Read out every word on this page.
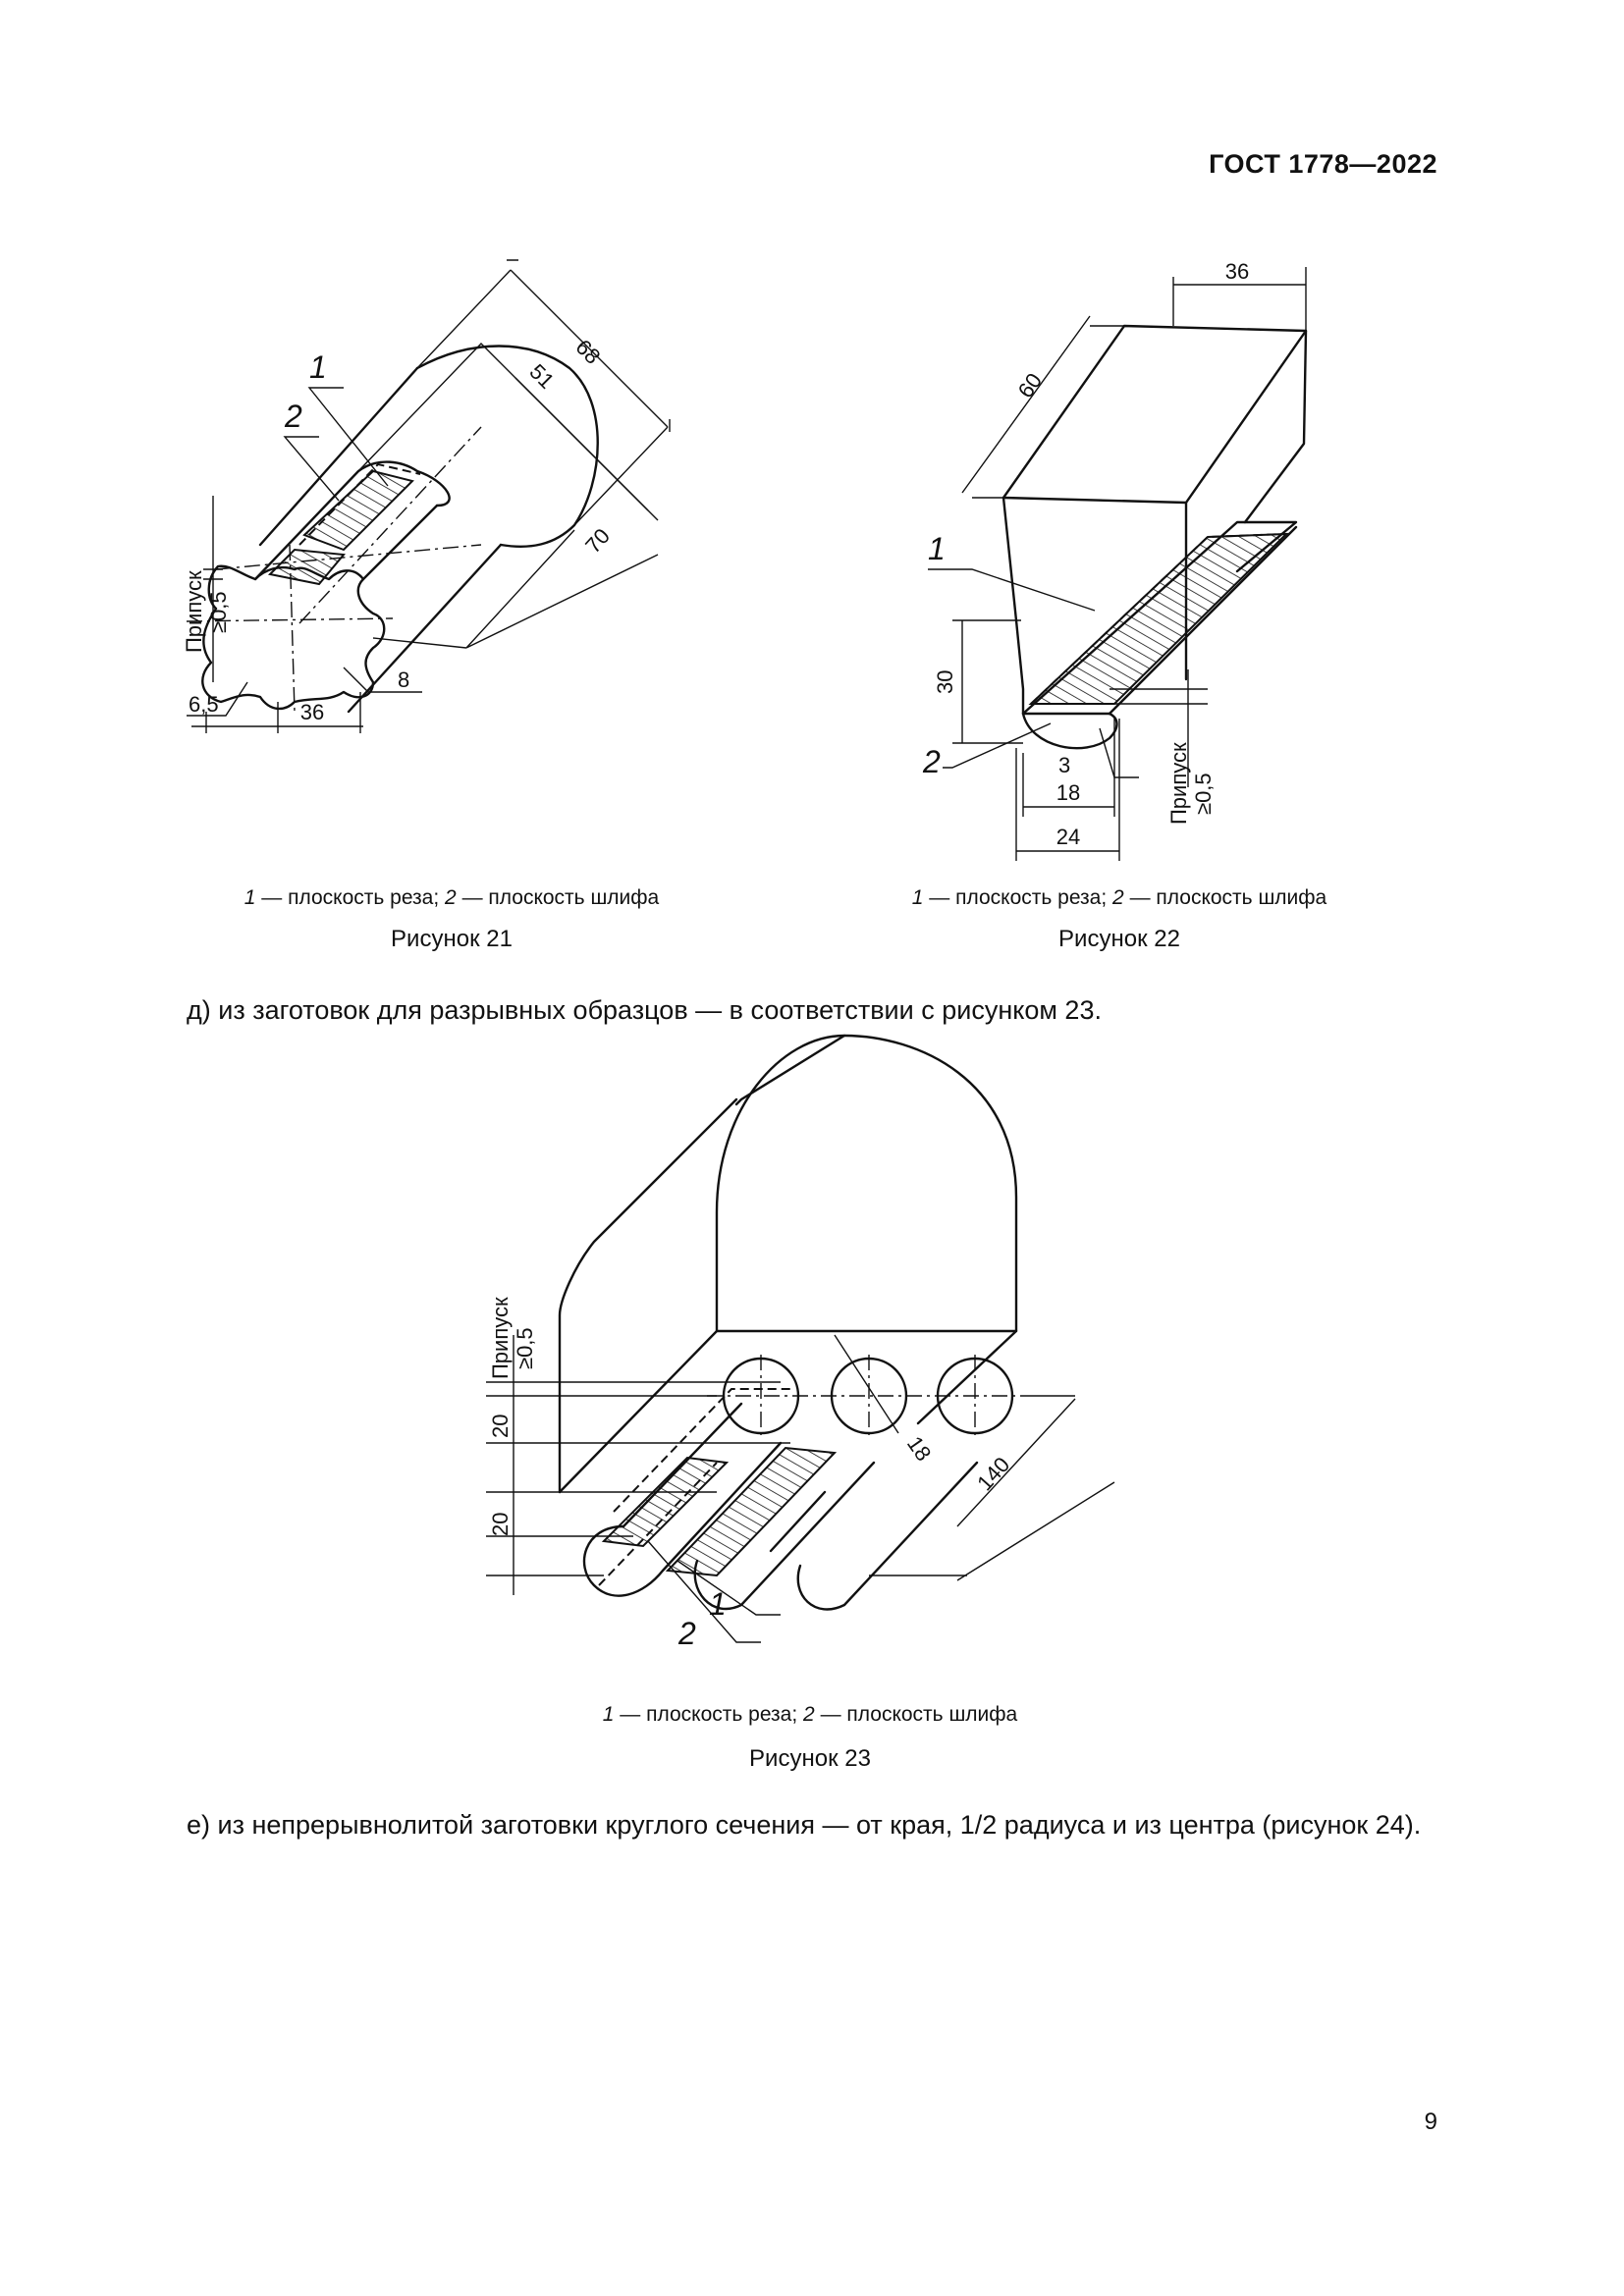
ГОСТ 1778—2022
68
51
70
8
36
6,5
Припуск ≥0,5
1
2
1 — плоскость реза; 2 — плоскость шлифа
Рисунок 21
36
60
30
3
18
24
Припуск ≥0,5
1
2
1 — плоскость реза; 2 — плоскость шлифа
Рисунок 22
д) из заготовок для разрывных образцов — в соответствии с рисунком 23.
20
20
Припуск ≥0,5
18
140
1
2
1 — плоскость реза; 2 — плоскость шлифа
Рисунок 23
е) из непрерывнолитой заготовки круглого сечения — от края, 1/2 радиуса и из центра (рисунок 24).
9
